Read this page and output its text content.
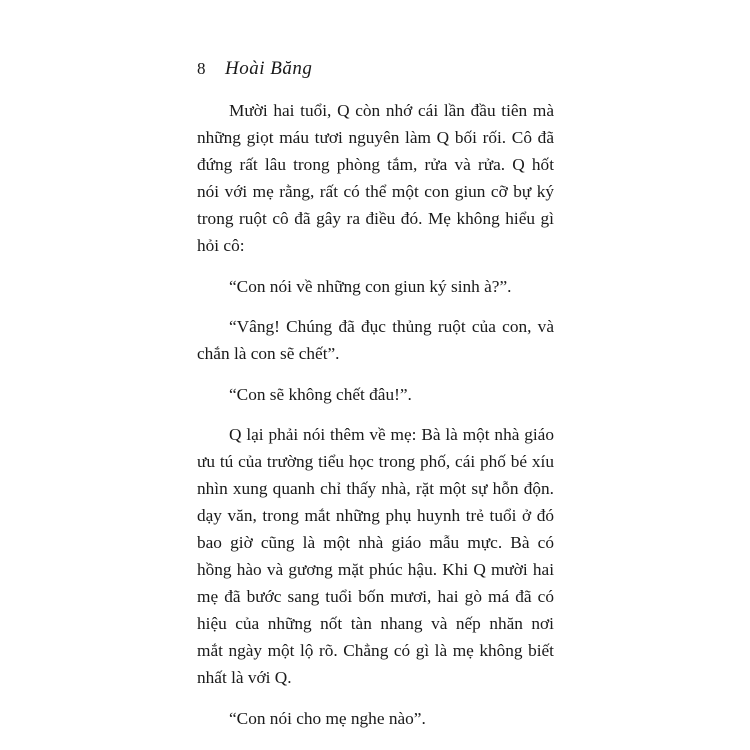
8	Hoài Băng
Mười hai tuổi, Q còn nhớ cái lần đầu tiên mà
những giọt máu tươi nguyên làm Q bối rối. Cô đã
đứng rất lâu trong phòng tắm, rửa và rửa. Q hốt
nói với mẹ rằng, rất có thể một con giun cỡ bự ký
trong ruột cô đã gây ra điều đó. Mẹ không hiểu gì
hỏi cô:
“Con nói về những con giun ký sinh à?”.
“Vâng! Chúng đã đục thủng ruột của con, và
chắn là con sẽ chết”.
“Con sẽ không chết đâu!”.
Q lại phải nói thêm về mẹ: Bà là một nhà giáo
ưu tú của trường tiểu học trong phố, cái phố bé xíu
nhìn xung quanh chỉ thấy nhà, rặt một sự hỗn độn.
dạy văn, trong mắt những phụ huynh trẻ tuổi ở đó
bao giờ cũng là một nhà giáo mẫu mực. Bà có
hồng hào và gương mặt phúc hậu. Khi Q mười hai
mẹ đã bước sang tuổi bốn mươi, hai gò má đã có
hiệu của những nốt tàn nhang và nếp nhăn nơi
mắt ngày một lộ rõ. Chẳng có gì là mẹ không biết
nhất là với Q.
“Con nói cho mẹ nghe nào”.
